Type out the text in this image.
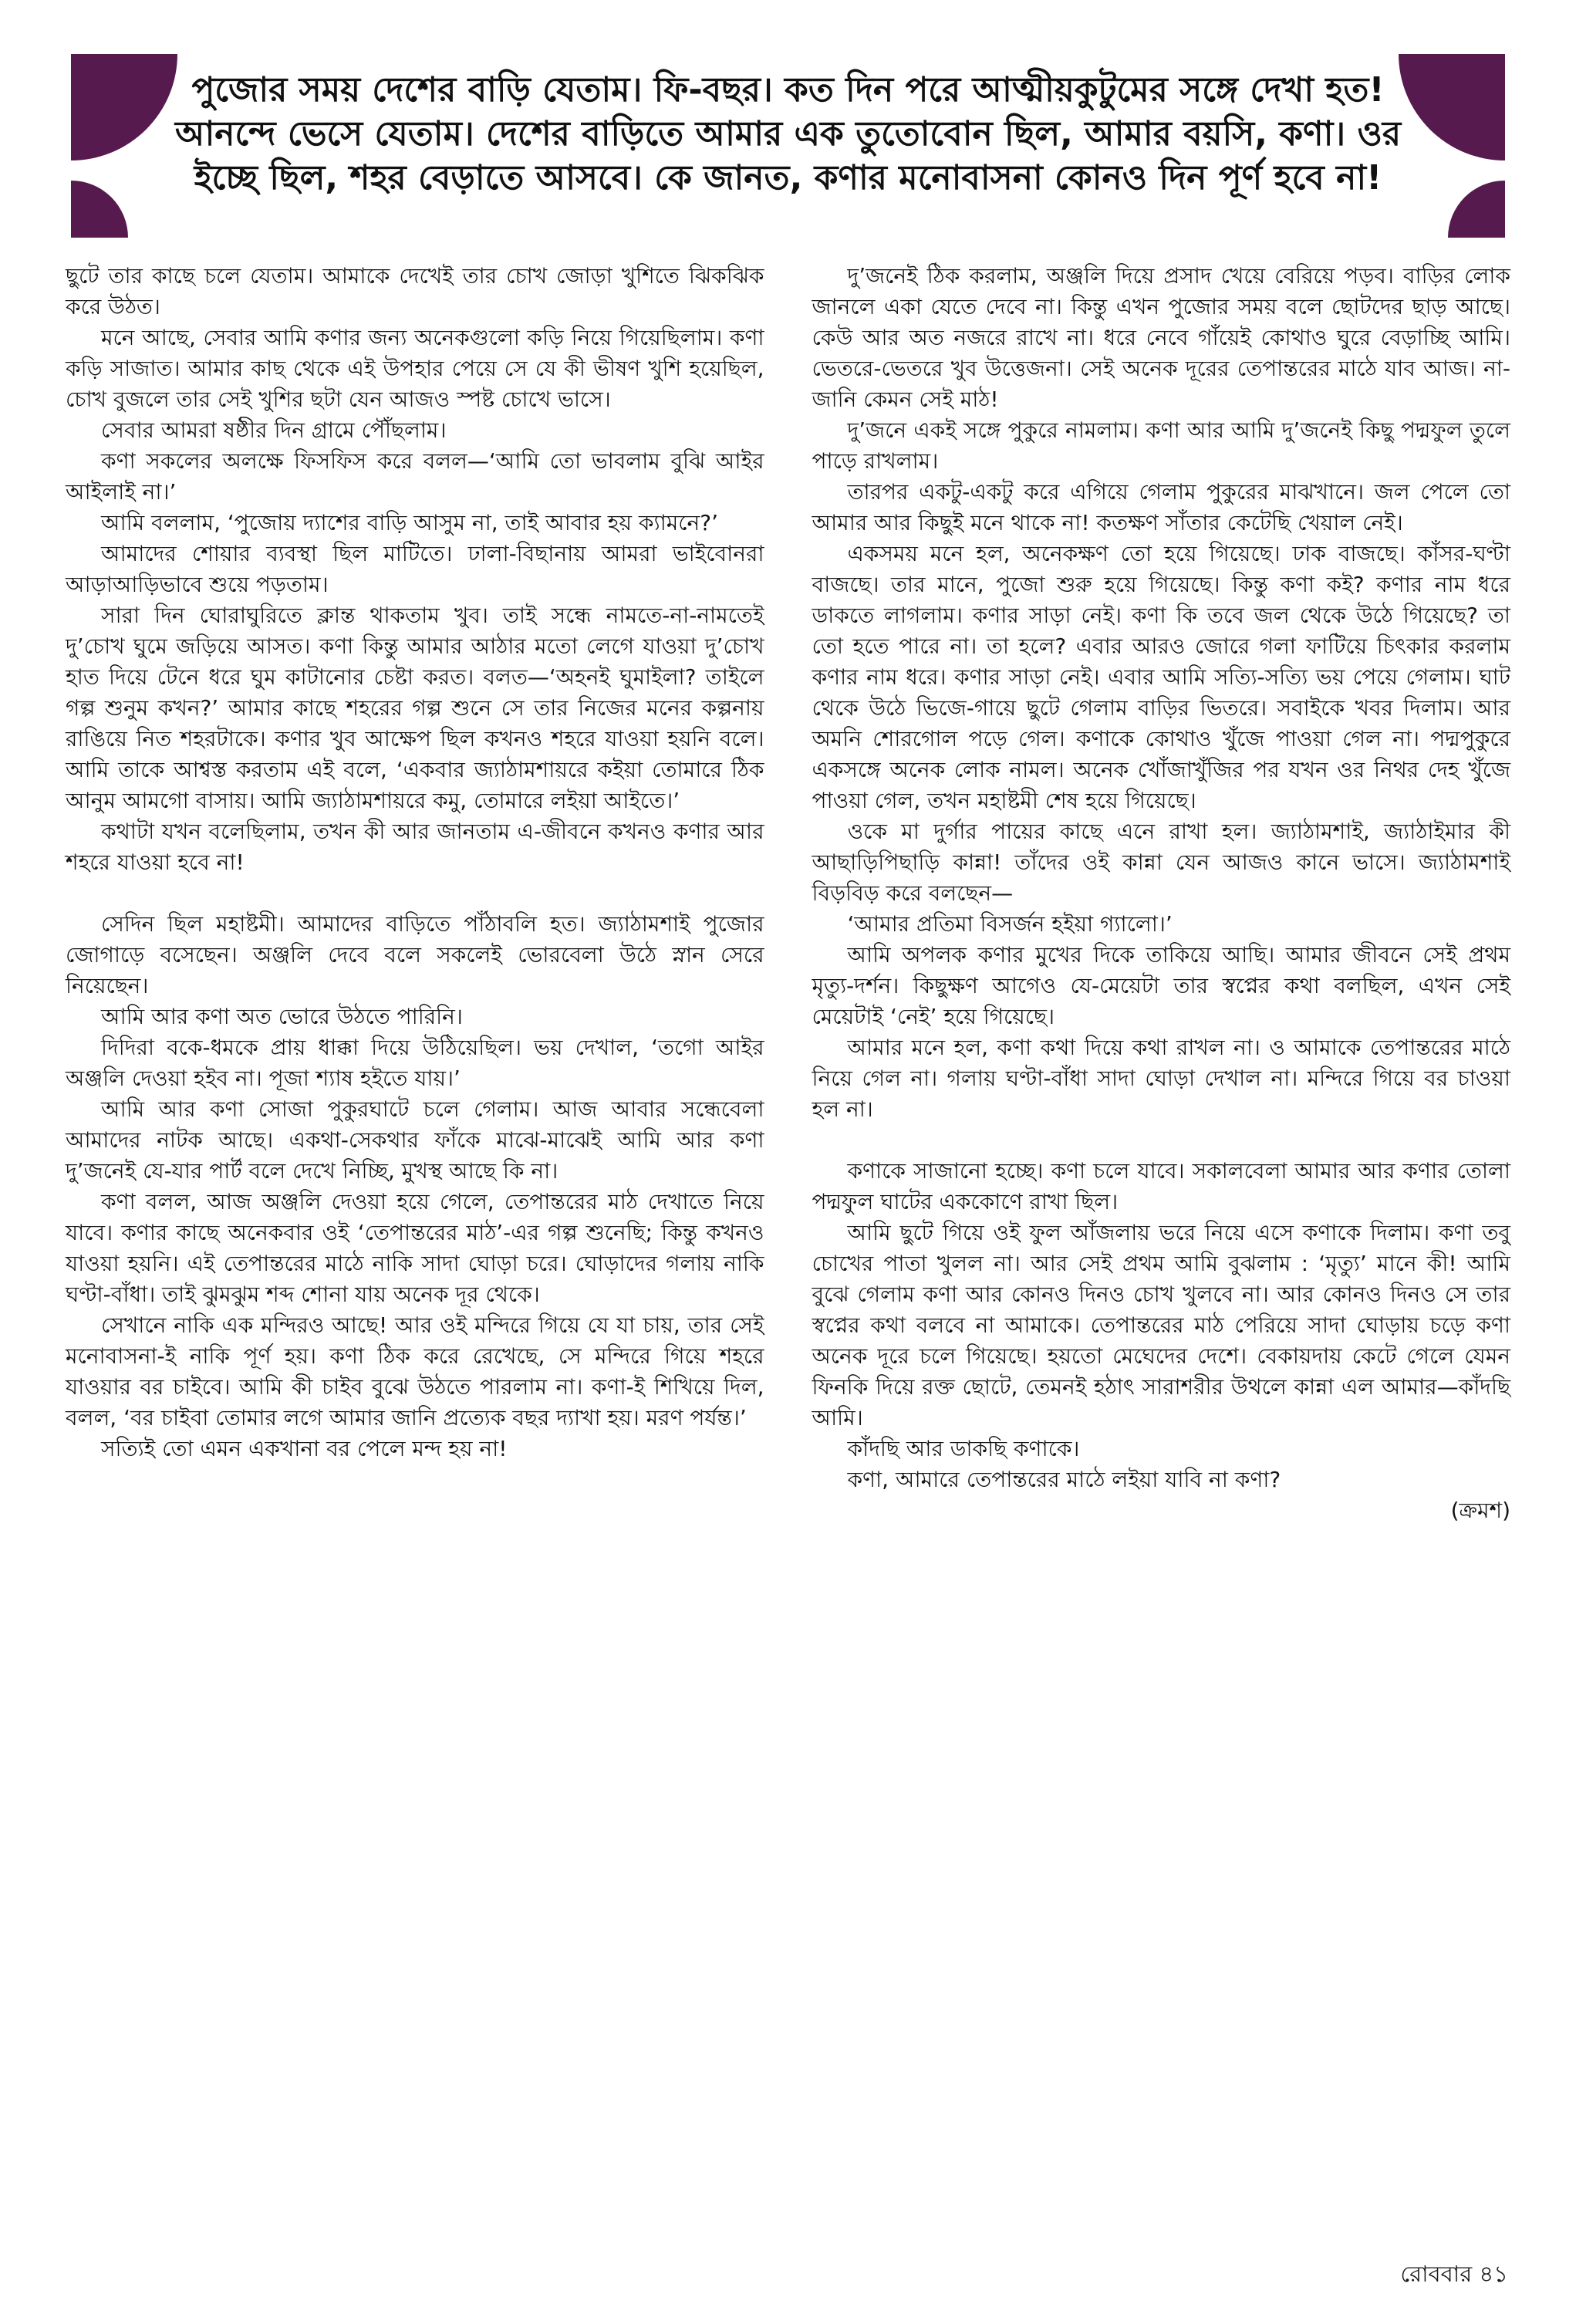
পুজোর সময় দেশের বাড়ি যেতাম। ফি-বছর। কত দিন পরে আত্মীয়কুটুমের সঙ্গে দেখা হত! আনন্দে ভেসে যেতাম। দেশের বাড়িতে আমার এক তুতোবোন ছিল, আমার বয়সি, কণা। ওর ইচ্ছে ছিল, শহর বেড়াতে আসবে। কে জানত, কণার মনোবাসনা কোনও দিন পূর্ণ হবে না!

ছুটে তার কাছে চলে যেতাম। আমাকে দেখেই তার চোখ জোড়া খুশিতে ঝিকঝিক করে উঠত।

মনে আছে, সেবার আমি কণার জন্য অনেকগুলো কড়ি নিয়ে গিয়েছিলাম। কণা কড়ি সাজাত। আমার কাছ থেকে এই উপহার পেয়ে সে যে কী ভীষণ খুশি হয়েছিল, চোখ বুজলে তার সেই খুশির ছটা যেন আজও স্পষ্ট চোখে ভাসে।

সেবার আমরা ষষ্ঠীর দিন গ্রামে পৌঁছলাম।

কণা সকলের অলক্ষে ফিসফিস করে বলল—‘আমি তো ভাবলাম বুঝি আইর আইলাই না।’

আমি বললাম, ‘পুজোয় দ্যাশের বাড়ি আসুম না, তাই আবার হয় ক্যামনে?’

আমাদের শোয়ার ব্যবস্থা ছিল মাটিতে। ঢালা-বিছানায় আমরা ভাইবোনরা আড়াআড়িভাবে শুয়ে পড়তাম।

সারা দিন ঘোরাঘুরিতে ক্লান্ত থাকতাম খুব। তাই সন্ধে নামতে-না-নামতেই দু’চোখ ঘুমে জড়িয়ে আসত। কণা কিন্তু আমার আঠার মতো লেগে যাওয়া দু’চোখ হাত দিয়ে টেনে ধরে ঘুম কাটানোর চেষ্টা করত। বলত—‘অহনই ঘুমাইলা? তাইলে গল্প শুনুম কখন?’ আমার কাছে শহরের গল্প শুনে সে তার নিজের মনের কল্পনায় রাঙিয়ে নিত শহরটাকে। কণার খুব আক্ষেপ ছিল কখনও শহরে যাওয়া হয়নি বলে। আমি তাকে আশ্বস্ত করতাম এই বলে, ‘একবার জ্যাঠামশায়রে কইয়া তোমারে ঠিক আনুম আমগো বাসায়। আমি জ্যাঠামশায়রে কমু, তোমারে লইয়া আইতে।’

কথাটা যখন বলেছিলাম, তখন কী আর জানতাম এ-জীবনে কখনও কণার আর শহরে যাওয়া হবে না!

সেদিন ছিল মহাষ্টমী। আমাদের বাড়িতে পাঁঠাবলি হত। জ্যাঠামশাই পুজোর জোগাড়ে বসেছেন। অঞ্জলি দেবে বলে সকলেই ভোরবেলা উঠে স্নান সেরে নিয়েছেন।

আমি আর কণা অত ভোরে উঠতে পারিনি।

দিদিরা বকে-ধমকে প্রায় ধাক্কা দিয়ে উঠিয়েছিল। ভয় দেখাল, ‘তগো আইর অঞ্জলি দেওয়া হইব না। পূজা শ্যাষ হইতে যায়।’

আমি আর কণা সোজা পুকুরঘাটে চলে গেলাম। আজ আবার সন্ধেবেলা আমাদের নাটক আছে। একথা-সেকথার ফাঁকে মাঝে-মাঝেই আমি আর কণা দু’জনেই যে-যার পার্ট বলে দেখে নিচ্ছি, মুখস্থ আছে কি না।

কণা বলল, আজ অঞ্জলি দেওয়া হয়ে গেলে, তেপান্তরের মাঠ দেখাতে নিয়ে যাবে। কণার কাছে অনেকবার ওই ‘তেপান্তরের মাঠ’-এর গল্প শুনেছি; কিন্তু কখনও যাওয়া হয়নি। এই তেপান্তরের মাঠে নাকি সাদা ঘোড়া চরে। ঘোড়াদের গলায় নাকি ঘণ্টা-বাঁধা। তাই ঝুমঝুম শব্দ শোনা যায় অনেক দূর থেকে।

সেখানে নাকি এক মন্দিরও আছে! আর ওই মন্দিরে গিয়ে যে যা চায়, তার সেই মনোবাসনা-ই নাকি পূর্ণ হয়। কণা ঠিক করে রেখেছে, সে মন্দিরে গিয়ে শহরে যাওয়ার বর চাইবে। আমি কী চাইব বুঝে উঠতে পারলাম না। কণা-ই শিখিয়ে দিল, বলল, ‘বর চাইবা তোমার লগে আমার জানি প্রত্যেক বছর দ্যাখা হয়। মরণ পর্যন্ত।’

সত্যিই তো এমন একখানা বর পেলে মন্দ হয় না!

দু’জনেই ঠিক করলাম, অঞ্জলি দিয়ে প্রসাদ খেয়ে বেরিয়ে পড়ব। বাড়ির লোক জানলে একা যেতে দেবে না। কিন্তু এখন পুজোর সময় বলে ছোটদের ছাড় আছে। কেউ আর অত নজরে রাখে না। ধরে নেবে গাঁয়েই কোথাও ঘুরে বেড়াচ্ছি আমি। ভেতরে-ভেতরে খুব উত্তেজনা। সেই অনেক দূরের তেপান্তরের মাঠে যাব আজ। না-জানি কেমন সেই মাঠ!

দু’জনে একই সঙ্গে পুকুরে নামলাম। কণা আর আমি দু’জনেই কিছু পদ্মফুল তুলে পাড়ে রাখলাম।

তারপর একটু-একটু করে এগিয়ে গেলাম পুকুরের মাঝখানে। জল পেলে তো আমার আর কিছুই মনে থাকে না! কতক্ষণ সাঁতার কেটেছি খেয়াল নেই।

একসময় মনে হল, অনেকক্ষণ তো হয়ে গিয়েছে। ঢাক বাজছে। কাঁসর-ঘণ্টা বাজছে। তার মানে, পুজো শুরু হয়ে গিয়েছে। কিন্তু কণা কই? কণার নাম ধরে ডাকতে লাগলাম। কণার সাড়া নেই। কণা কি তবে জল থেকে উঠে গিয়েছে? তা তো হতে পারে না। তা হলে? এবার আরও জোরে গলা ফাটিয়ে চিৎকার করলাম কণার নাম ধরে। কণার সাড়া নেই। এবার আমি সত্যি-সত্যি ভয় পেয়ে গেলাম। ঘাট থেকে উঠে ভিজে-গায়ে ছুটে গেলাম বাড়ির ভিতরে। সবাইকে খবর দিলাম। আর অমনি শোরগোল পড়ে গেল। কণাকে কোথাও খুঁজে পাওয়া গেল না। পদ্মপুকুরে একসঙ্গে অনেক লোক নামল। অনেক খোঁজাখুঁজির পর যখন ওর নিথর দেহ খুঁজে পাওয়া গেল, তখন মহাষ্টমী শেষ হয়ে গিয়েছে।

ওকে মা দুর্গার পায়ের কাছে এনে রাখা হল। জ্যাঠামশাই, জ্যাঠাইমার কী আছাড়িপিছাড়ি কান্না! তাঁদের ওই কান্না যেন আজও কানে ভাসে। জ্যাঠামশাই বিড়বিড় করে বলছেন—

‘আমার প্রতিমা বিসর্জন হইয়া গ্যালো।’

আমি অপলক কণার মুখের দিকে তাকিয়ে আছি। আমার জীবনে সেই প্রথম মৃত্যু-দর্শন। কিছুক্ষণ আগেও যে-মেয়েটা তার স্বপ্নের কথা বলছিল, এখন সেই মেয়েটাই ‘নেই’ হয়ে গিয়েছে।

আমার মনে হল, কণা কথা দিয়ে কথা রাখল না। ও আমাকে তেপান্তরের মাঠে নিয়ে গেল না। গলায় ঘণ্টা-বাঁধা সাদা ঘোড়া দেখাল না। মন্দিরে গিয়ে বর চাওয়া হল না।

কণাকে সাজানো হচ্ছে। কণা চলে যাবে। সকালবেলা আমার আর কণার তোলা পদ্মফুল ঘাটের এককোণে রাখা ছিল।

আমি ছুটে গিয়ে ওই ফুল আঁজলায় ভরে নিয়ে এসে কণাকে দিলাম। কণা তবু চোখের পাতা খুলল না। আর সেই প্রথম আমি বুঝলাম : ‘মৃত্যু’ মানে কী! আমি বুঝে গেলাম কণা আর কোনও দিনও চোখ খুলবে না। আর কোনও দিনও সে তার স্বপ্নের কথা বলবে না আমাকে। তেপান্তরের মাঠ পেরিয়ে সাদা ঘোড়ায় চড়ে কণা অনেক দূরে চলে গিয়েছে। হয়তো মেঘেদের দেশে। বেকায়দায় কেটে গেলে যেমন ফিনকি দিয়ে রক্ত ছোটে, তেমনই হঠাৎ সারাশরীর উথলে কান্না এল আমার—কাঁদছি আমি।

কাঁদছি আর ডাকছি কণাকে।

কণা, আমারে তেপান্তরের মাঠে লইয়া যাবি না কণা?

(ক্রমশ)

রোববার ৪১
